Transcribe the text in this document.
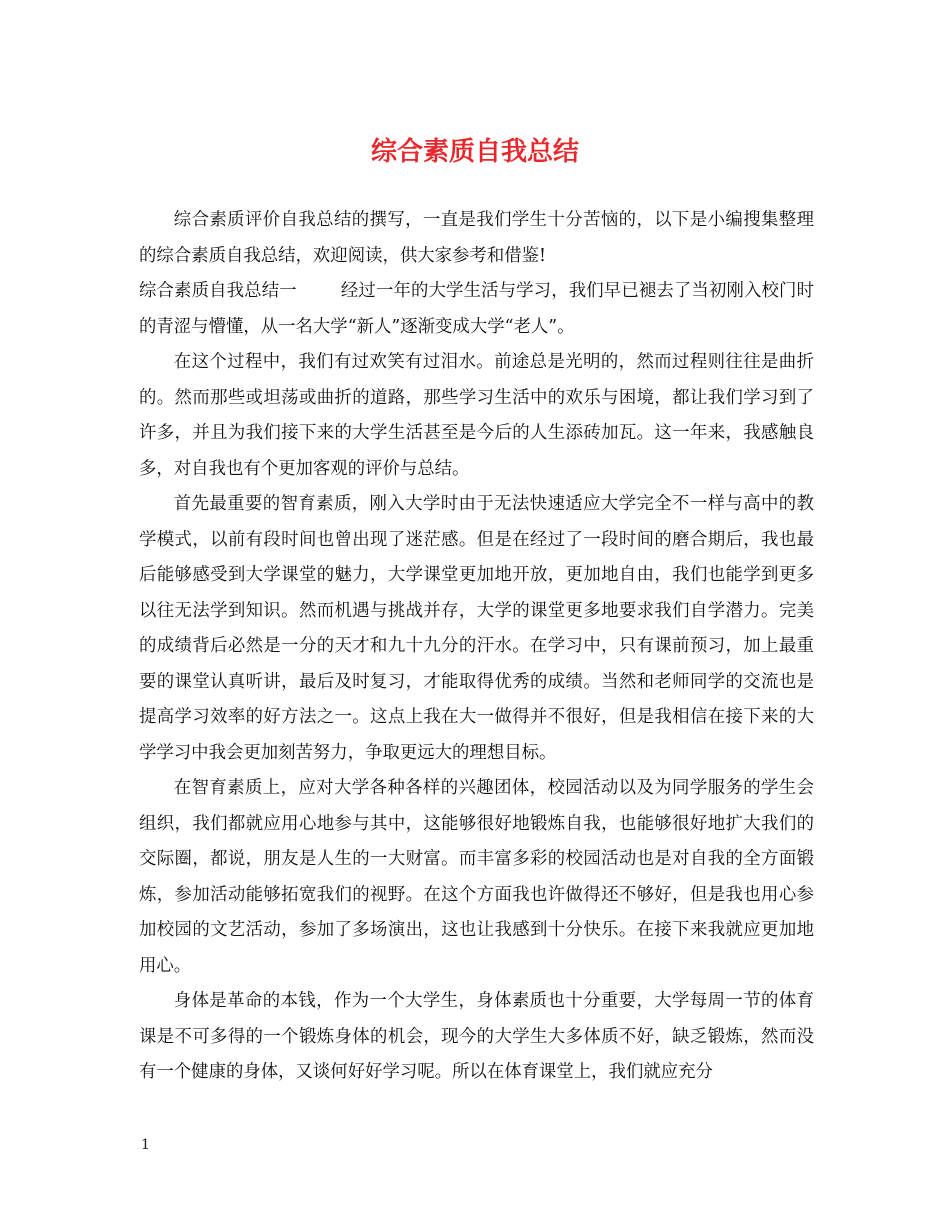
综合素质自我总结

综合素质评价自我总结的撰写，一直是我们学生十分苦恼的，以下是小编搜集整理的综合素质自我总结，欢迎阅读，供大家参考和借鉴!

综合素质自我总结一	经过一年的大学生活与学习，我们早已褪去了当初刚入校门时的青涩与懵懂，从一名大学“新人”逐渐变成大学“老人”。

在这个过程中，我们有过欢笑有过泪水。前途总是光明的，然而过程则往往是曲折的。然而那些或坦荡或曲折的道路，那些学习生活中的欢乐与困境，都让我们学习到了许多，并且为我们接下来的大学生活甚至是今后的人生添砖加瓦。这一年来，我感触良多，对自我也有个更加客观的评价与总结。

首先最重要的智育素质，刚入大学时由于无法快速适应大学完全不一样与高中的教学模式，以前有段时间也曾出现了迷茫感。但是在经过了一段时间的磨合期后，我也最后能够感受到大学课堂的魅力，大学课堂更加地开放，更加地自由，我们也能学到更多以往无法学到知识。然而机遇与挑战并存，大学的课堂更多地要求我们自学潜力。完美的成绩背后必然是一分的天才和九十九分的汗水。在学习中，只有课前预习，加上最重要的课堂认真听讲，最后及时复习，才能取得优秀的成绩。当然和老师同学的交流也是提高学习效率的好方法之一。这点上我在大一做得并不很好，但是我相信在接下来的大学学习中我会更加刻苦努力，争取更远大的理想目标。

在智育素质上，应对大学各种各样的兴趣团体，校园活动以及为同学服务的学生会组织，我们都就应用心地参与其中，这能够很好地锻炼自我，也能够很好地扩大我们的交际圈，都说，朋友是人生的一大财富。而丰富多彩的校园活动也是对自我的全方面锻炼，参加活动能够拓宽我们的视野。在这个方面我也许做得还不够好，但是我也用心参加校园的文艺活动，参加了多场演出，这也让我感到十分快乐。在接下来我就应更加地用心。

身体是革命的本钱，作为一个大学生，身体素质也十分重要，大学每周一节的体育课是不可多得的一个锻炼身体的机会，现今的大学生大多体质不好，缺乏锻炼，然而没有一个健康的身体，又谈何好好学习呢。所以在体育课堂上，我们就应充分

1
